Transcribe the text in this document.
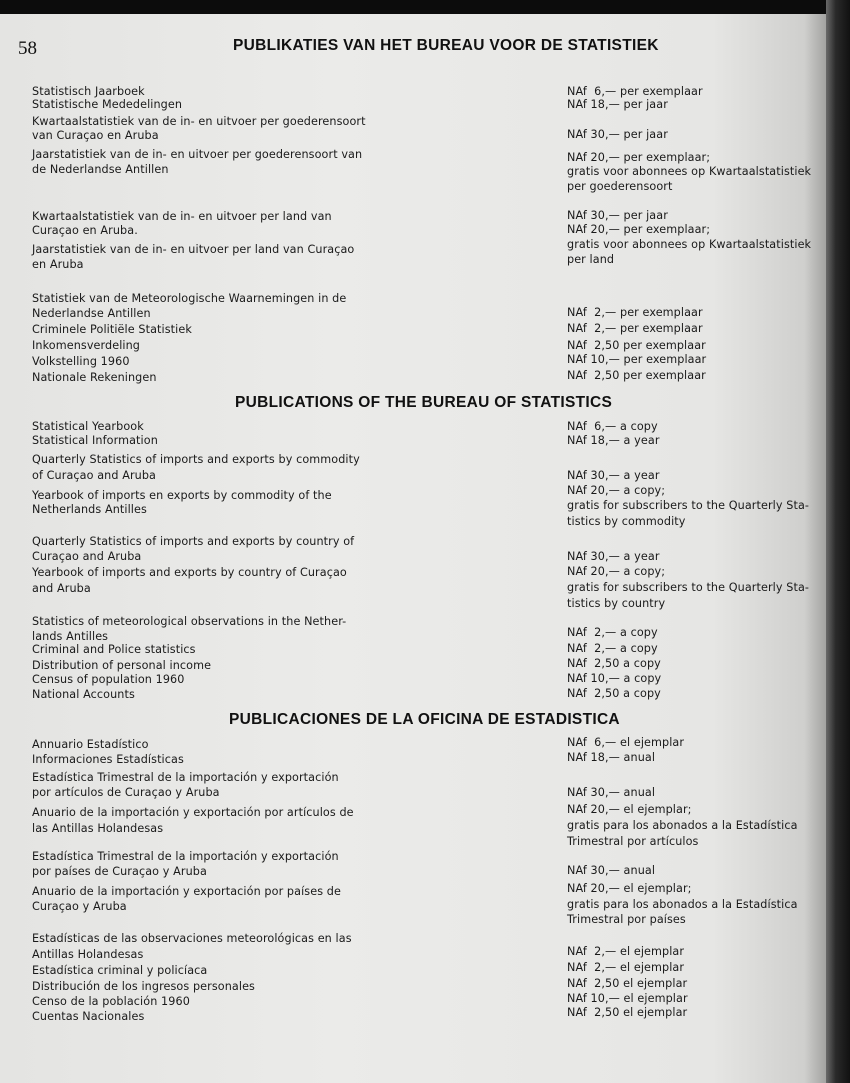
58	PUBLIKATIES VAN HET BUREAU VOOR DE STATISTIEK
Statistisch Jaarboek
Statistische Mededelingen
Kwartaalstatistiek van de in- en uitvoer per goederensoort
van Curaçao en Aruba
Jaarstatistiek van de in- en uitvoer per goederensoort van
de Nederlandse Antillen
Kwartaalstatistiek van de in- en uitvoer per land van
Curaçao en Aruba.
Jaarstatistiek van de in- en uitvoer per land van Curaçao
en Aruba
Statistiek van de Meteorologische Waarnemingen in de
Nederlandse Antillen
Criminele Politiële Statistiek
Inkomensverdeling
Volkstelling 1960
Nationale Rekeningen
NAf  6,— per exemplaar
NAf 18,— per jaar
NAf 30,— per jaar
NAf 20,— per exemplaar;
gratis voor abonnees op Kwartaalstatistiek
per goederensoort
NAf 30,— per jaar
NAf 20,— per exemplaar;
gratis voor abonnees op Kwartaalstatistiek
per land
NAf  2,— per exemplaar
NAf  2,— per exemplaar
NAf  2,50 per exemplaar
NAf 10,— per exemplaar
NAf  2,50 per exemplaar
PUBLICATIONS OF THE BUREAU OF STATISTICS
Statistical Yearbook
Statistical Information
Quarterly Statistics of imports and exports by commodity
of Curaçao and Aruba
Yearbook of imports en exports by commodity of the
Netherlands Antilles
Quarterly Statistics of imports and exports by country of
Curaçao and Aruba
Yearbook of imports and exports by country of Curaçao
and Aruba
Statistics of meteorological observations in the Nether-
lands Antilles
Criminal and Police statistics
Distribution of personal income
Census of population 1960
National Accounts
NAf  6,— a copy
NAf 18,— a year
NAf 30,— a year
NAf 20,— a copy;
gratis for subscribers to the Quarterly Sta-
tistics by commodity
NAf 30,— a year
NAf 20,— a copy;
gratis for subscribers to the Quarterly Sta-
tistics by country
NAf  2,— a copy
NAf  2,— a copy
NAf  2,50 a copy
NAf 10,— a copy
NAf  2,50 a copy
PUBLICACIONES DE LA OFICINA DE ESTADISTICA
Annuario Estadístico
Informaciones Estadísticas
Estadística Trimestral de la importación y exportación
por artículos de Curaçao y Aruba
Anuario de la importación y exportación por artículos de
las Antillas Holandesas
Estadística Trimestral de la importación y exportación
por países de Curaçao y Aruba
Anuario de la importación y exportación por países de
Curaçao y Aruba
Estadísticas de las observaciones meteorológicas en las
Antillas Holandesas
Estadística criminal y policíaca
Distribución de los ingresos personales
Censo de la población 1960
Cuentas Nacionales
NAf  6,— el ejemplar
NAf 18,— anual
NAf 30,— anual
NAf 20,— el ejemplar;
gratis para los abonados a la Estadística
Trimestral por artículos
NAf 30,— anual
NAf 20,— el ejemplar;
gratis para los abonados a la Estadística
Trimestral por países
NAf  2,— el ejemplar
NAf  2,— el ejemplar
NAf  2,50 el ejemplar
NAf 10,— el ejemplar
NAf  2,50 el ejemplar
